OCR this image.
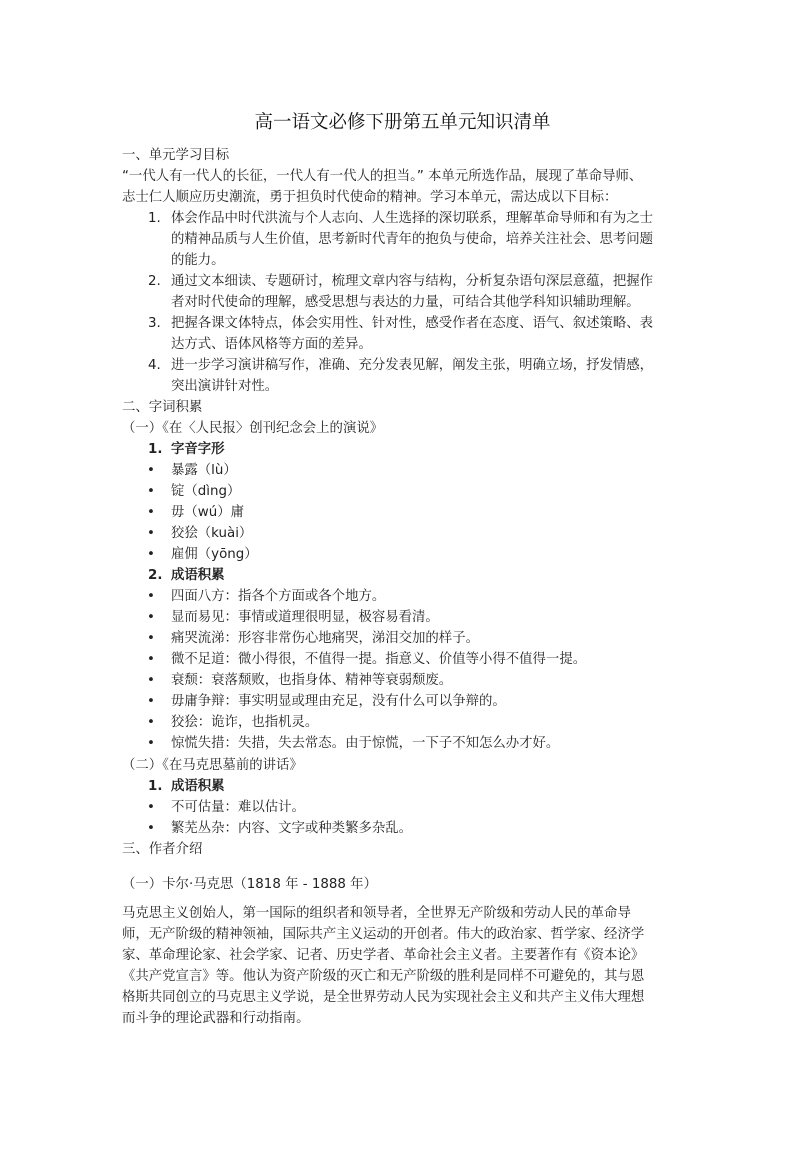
高一语文必修下册第五单元知识清单
一、单元学习目标
“一代人有一代人的长征，一代人有一代人的担当。” 本单元所选作品，展现了革命导师、
志士仁人顺应历史潮流，勇于担负时代使命的精神。学习本单元，需达成以下目标：
1. 体会作品中时代洪流与个人志向、人生选择的深切联系，理解革命导师和有为之士
的精神品质与人生价值，思考新时代青年的抱负与使命，培养关注社会、思考问题
的能力。
2. 通过文本细读、专题研讨，梳理文章内容与结构，分析复杂语句深层意蕴，把握作
者对时代使命的理解，感受思想与表达的力量，可结合其他学科知识辅助理解。
3. 把握各课文体特点，体会实用性、针对性，感受作者在态度、语气、叙述策略、表
达方式、语体风格等方面的差异。
4. 进一步学习演讲稿写作，准确、充分发表见解，阐发主张，明确立场，抒发情感，
突出演讲针对性。
二、字词积累
（一）《在〈人民报〉创刊纪念会上的演说》
1. 字音字形
• 暴露（lù）
• 锭（dìng）
• 毋（wú）庸
• 狡狯（kuài）
• 雇佣（yōng）
2. 成语积累
• 四面八方：指各个方面或各个地方。
• 显而易见：事情或道理很明显，极容易看清。
• 痛哭流涕：形容非常伤心地痛哭，涕泪交加的样子。
• 微不足道：微小得很，不值得一提。指意义、价值等小得不值得一提。
• 衰颓：衰落颓败，也指身体、精神等衰弱颓废。
• 毋庸争辩：事实明显或理由充足，没有什么可以争辩的。
• 狡狯：诡诈，也指机灵。
• 惊慌失措：失措，失去常态。由于惊慌，一下子不知怎么办才好。
（二）《在马克思墓前的讲话》
1. 成语积累
• 不可估量：难以估计。
• 繁芜丛杂：内容、文字或种类繁多杂乱。
三、作者介绍
（一）卡尔·马克思（1818 年 - 1888 年）
马克思主义创始人，第一国际的组织者和领导者，全世界无产阶级和劳动人民的革命导
师，无产阶级的精神领袖，国际共产主义运动的开创者。伟大的政治家、哲学家、经济学
家、革命理论家、社会学家、记者、历史学者、革命社会主义者。主要著作有《资本论》
《共产党宣言》等。他认为资产阶级的灭亡和无产阶级的胜利是同样不可避免的，其与恩
格斯共同创立的马克思主义学说，是全世界劳动人民为实现社会主义和共产主义伟大理想
而斗争的理论武器和行动指南。
